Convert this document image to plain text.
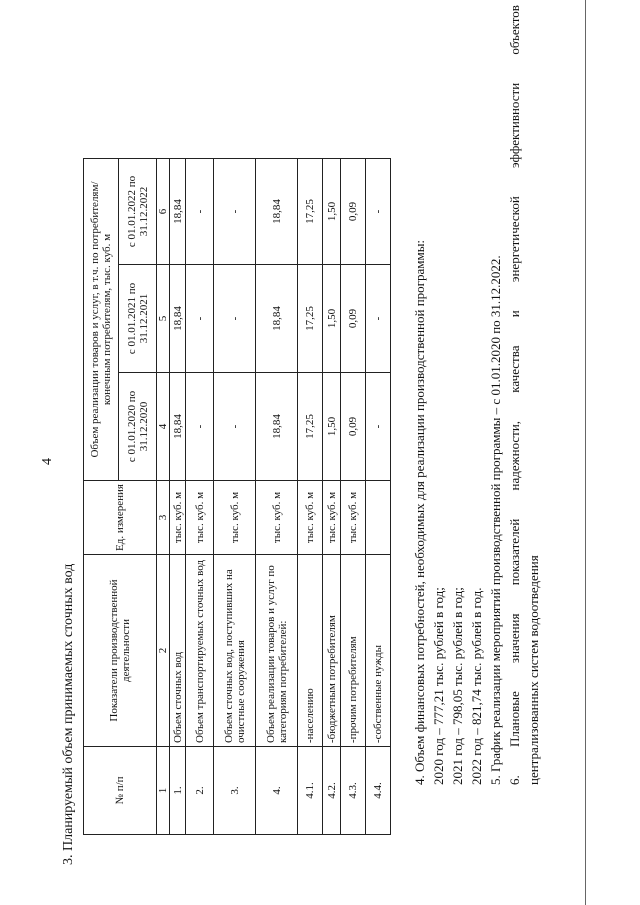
4
3. Планируемый объем принимаемых сточных вод	№ п/п	Показатели производственной деятельности	Ед. измерения	Объем реализации товаров и услуг, в т.ч. по потребителям/ конечным потребителям, тыс. куб. м		
			с 01.01.2020 по 31.12.2020	с 01.01.2021 по 31.12.2021	с 01.01.2022 по 31.12.2022
1	2	3	4	5	6
1.	Объем сточных вод	тыс. куб. м	18,84	18,84	18,84
2.	Объем транспортируемых сточных вод	тыс. куб. м	-	-	-
3.	Объем сточных вод, поступивших на очистные сооружения	тыс. куб. м	-	-	-
4.	Объем реализации товаров и услуг по категориям потребителей:	тыс. куб. м	18,84	18,84	18,84
4.1.	-населению	тыс. куб. м	17,25	17,25	17,25
4.2.	-бюджетным потребителям	тыс. куб. м	1,50	1,50	1,50
4.3.	-прочим потребителям	тыс. куб. м	0,09	0,09	0,09
4.4.	-собственные нужды		-	-	-
4. Объем финансовых потребностей, необходимых для реализации производственной программы: 2020 год – 777,21 тыс. рублей в год; 2021 год – 798,05 тыс. рублей в год; 2022 год – 821,74 тыс. рублей в год. 5. График реализации мероприятий производственной программы – с 01.01.2020 по 31.12.2022. 6.
Плановые
значения
показателей
надежности,
качества
и
энергетической
эффективности
объектов
централизованных систем водоотведения
